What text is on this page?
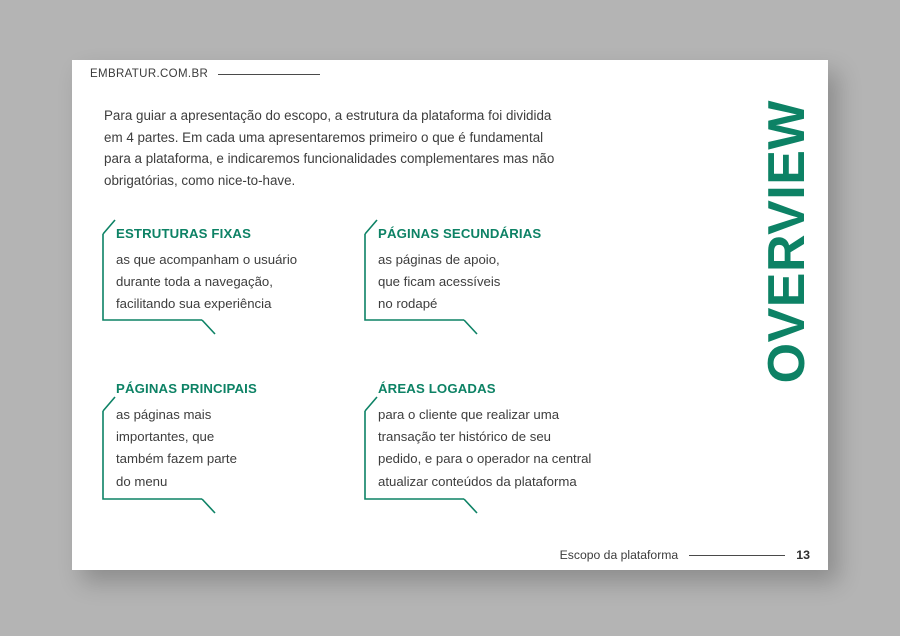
EMBRATUR.COM.BR

Para guiar a apresentação do escopo, a estrutura da plataforma foi dividida

em 4 partes. Em cada uma apresentaremos primeiro o que é fundamental

para a plataforma, e indicaremos funcionalidades complementares mas não

obrigatórias, como nice-to-have.	OVERVIEW
ESTRUTURAS FIXAS
as que acompanham o usuário
durante toda a navegação,
facilitando sua experiência
PÁGINAS SECUNDÁRIAS
as páginas de apoio,
que ficam acessíveis
no rodapé
PÁGINAS PRINCIPAIS
as páginas mais
importantes, que
também fazem parte
do menu
ÁREAS LOGADAS
para o cliente que realizar uma
transação ter histórico de seu
pedido, e para o operador na central
atualizar conteúdos da plataforma
Escopo da plataforma	13
